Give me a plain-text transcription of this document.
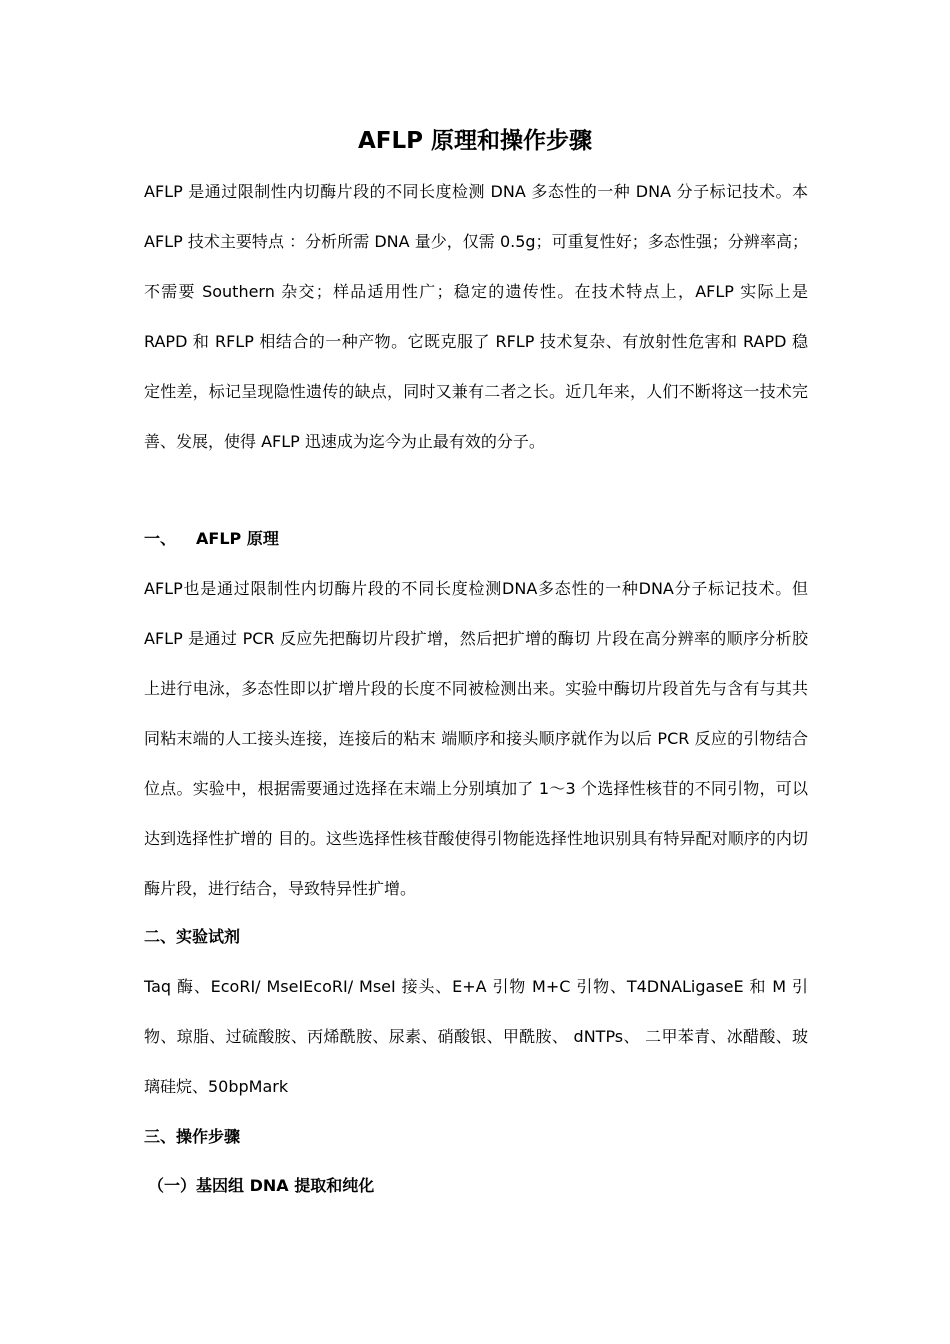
AFLP 原理和操作步骤

AFLP 是通过限制性内切酶片段的不同长度检测 DNA 多态性的一种 DNA 分子标记技术。本 AFLP 技术主要特点 ：分析所需 DNA 量少，仅需 0.5g；可重复性好；多态性强；分辨率高；不需要 Southern 杂交；样品适用性广；稳定的遗传性。在技术特点上，AFLP 实际上是 RAPD 和 RFLP 相结合的一种产物。它既克服了 RFLP 技术复杂、有放射性危害和 RAPD 稳定性差，标记呈现隐性遗传的缺点，同时又兼有二者之长。近几年来，人们不断将这一技术完善、发展，使得 AFLP 迅速成为迄今为止最有效的分子。

一、 AFLP 原理

AFLP也是通过限制性内切酶片段的不同长度检测DNA多态性的一种DNA分子标记技术。但 AFLP 是通过 PCR 反应先把酶切片段扩增，然后把扩增的酶切 片段在高分辨率的顺序分析胶上进行电泳，多态性即以扩增片段的长度不同被检测出来。实验中酶切片段首先与含有与其共同粘末端的人工接头连接，连接后的粘末 端顺序和接头顺序就作为以后 PCR 反应的引物结合位点。实验中，根据需要通过选择在末端上分别填加了 1～3 个选择性核苷的不同引物，可以达到选择性扩增的 目的。这些选择性核苷酸使得引物能选择性地识别具有特异配对顺序的内切酶片段，进行结合，导致特异性扩增。

二、实验试剂

Taq 酶、EcoRI/ MseIEcoRI/ MseI 接头、E+A 引物 M+C 引物、T4DNALigaseE 和 M 引物、琼脂、过硫酸胺、丙烯酰胺、尿素、硝酸银、甲酰胺、 dNTPs、 二甲苯青、冰醋酸、玻璃硅烷、50bpMark

三、操作步骤
（一）基因组 DNA 提取和纯化
